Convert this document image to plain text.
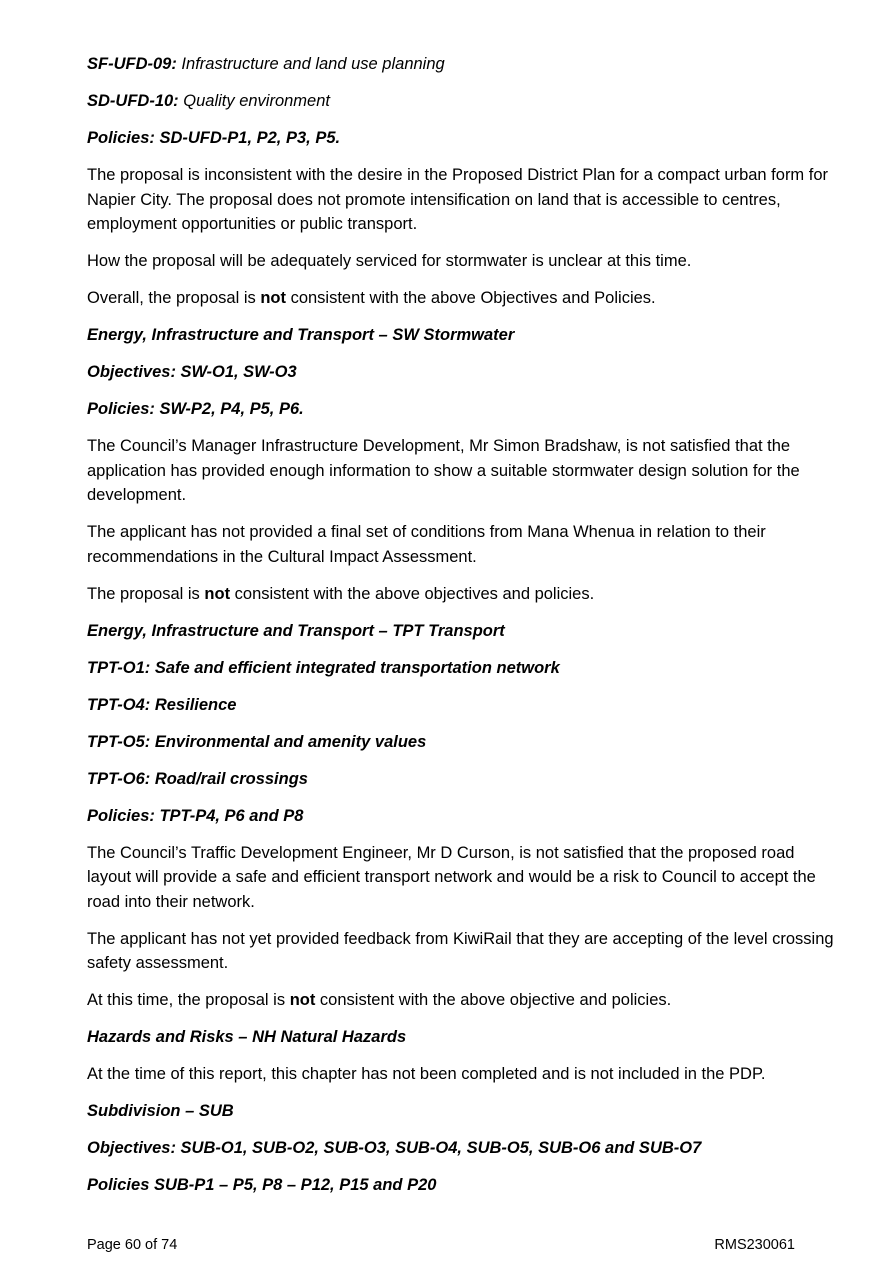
SF-UFD-09: Infrastructure and land use planning

SD-UFD-10: Quality environment

Policies: SD-UFD-P1, P2, P3, P5.

The proposal is inconsistent with the desire in the Proposed District Plan for a compact urban form for Napier City. The proposal does not promote intensification on land that is accessible to centres, employment opportunities or public transport.

How the proposal will be adequately serviced for stormwater is unclear at this time.

Overall, the proposal is not consistent with the above Objectives and Policies.

Energy, Infrastructure and Transport – SW Stormwater

Objectives: SW-O1, SW-O3

Policies: SW-P2, P4, P5, P6.

The Council’s Manager Infrastructure Development, Mr Simon Bradshaw, is not satisfied that the application has provided enough information to show a suitable stormwater design solution for the development.

The applicant has not provided a final set of conditions from Mana Whenua in relation to their recommendations in the Cultural Impact Assessment.

The proposal is not consistent with the above objectives and policies.

Energy, Infrastructure and Transport – TPT Transport

TPT-O1: Safe and efficient integrated transportation network

TPT-O4: Resilience

TPT-O5: Environmental and amenity values

TPT-O6: Road/rail crossings

Policies: TPT-P4, P6 and P8

The Council’s Traffic Development Engineer, Mr D Curson, is not satisfied that the proposed road layout will provide a safe and efficient transport network and would be a risk to Council to accept the road into their network.

The applicant has not yet provided feedback from KiwiRail that they are accepting of the level crossing safety assessment.

At this time, the proposal is not consistent with the above objective and policies.

Hazards and Risks – NH Natural Hazards

At the time of this report, this chapter has not been completed and is not included in the PDP.

Subdivision – SUB

Objectives: SUB-O1, SUB-O2, SUB-O3, SUB-O4, SUB-O5, SUB-O6 and SUB-O7

Policies SUB-P1 – P5, P8 – P12, P15 and P20

Page 60 of 74	RMS230061
